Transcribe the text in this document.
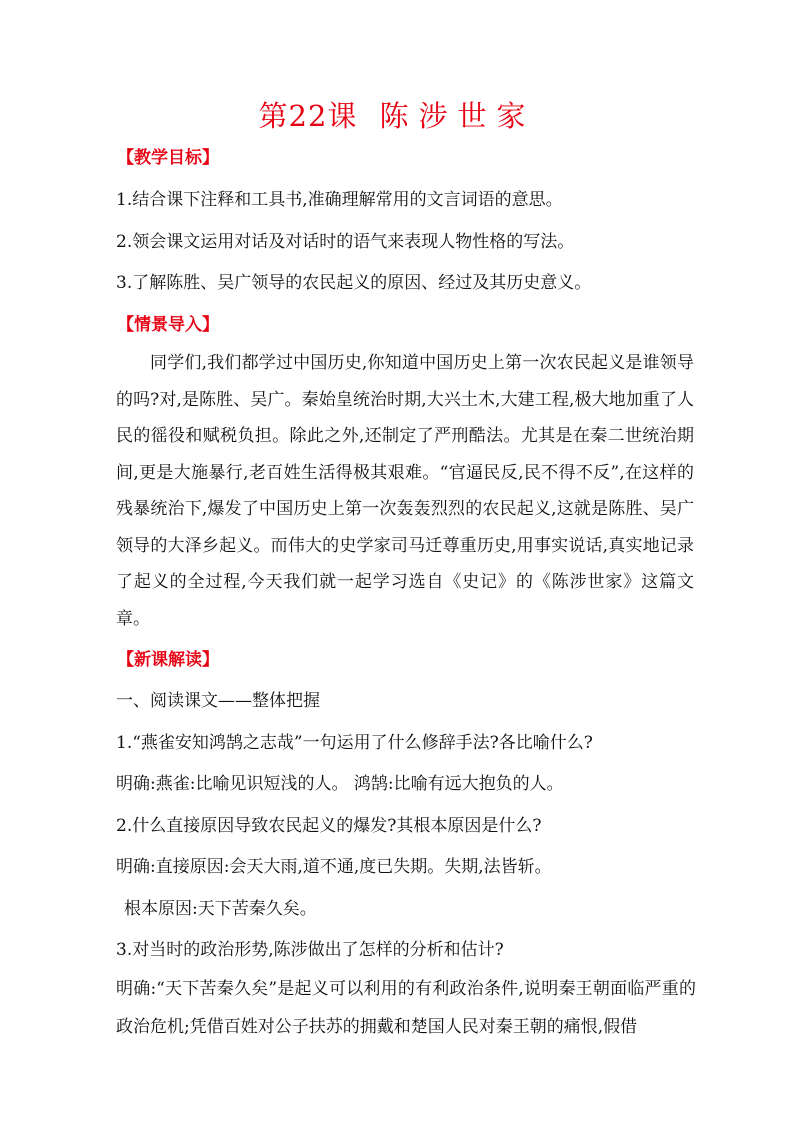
第22课 陈涉世家
【教学目标】
1.结合课下注释和工具书,准确理解常用的文言词语的意思。
2.领会课文运用对话及对话时的语气来表现人物性格的写法。
3.了解陈胜、吴广领导的农民起义的原因、经过及其历史意义。
【情景导入】
同学们,我们都学过中国历史,你知道中国历史上第一次农民起义是谁领导的吗?对,是陈胜、吴广。秦始皇统治时期,大兴土木,大建工程,极大地加重了人民的徭役和赋税负担。除此之外,还制定了严刑酷法。尤其是在秦二世统治期间,更是大施暴行,老百姓生活得极其艰难。“官逼民反,民不得不反”,在这样的残暴统治下,爆发了中国历史上第一次轰轰烈烈的农民起义,这就是陈胜、吴广领导的大泽乡起义。而伟大的史学家司马迁尊重历史,用事实说话,真实地记录了起义的全过程,今天我们就一起学习选自《史记》的《陈涉世家》这篇文章。
【新课解读】
一、阅读课文——整体把握
1.“燕雀安知鸿鹄之志哉”一句运用了什么修辞手法?各比喻什么?
明确:燕雀:比喻见识短浅的人。 鸿鹄:比喻有远大抱负的人。
2.什么直接原因导致农民起义的爆发?其根本原因是什么?
明确:直接原因:会天大雨,道不通,度已失期。失期,法皆斩。
根本原因:天下苦秦久矣。
3.对当时的政治形势,陈涉做出了怎样的分析和估计?
明确:“天下苦秦久矣”是起义可以利用的有利政治条件,说明秦王朝面临严重的政治危机;凭借百姓对公子扶苏的拥戴和楚国人民对秦王朝的痛恨,假借
